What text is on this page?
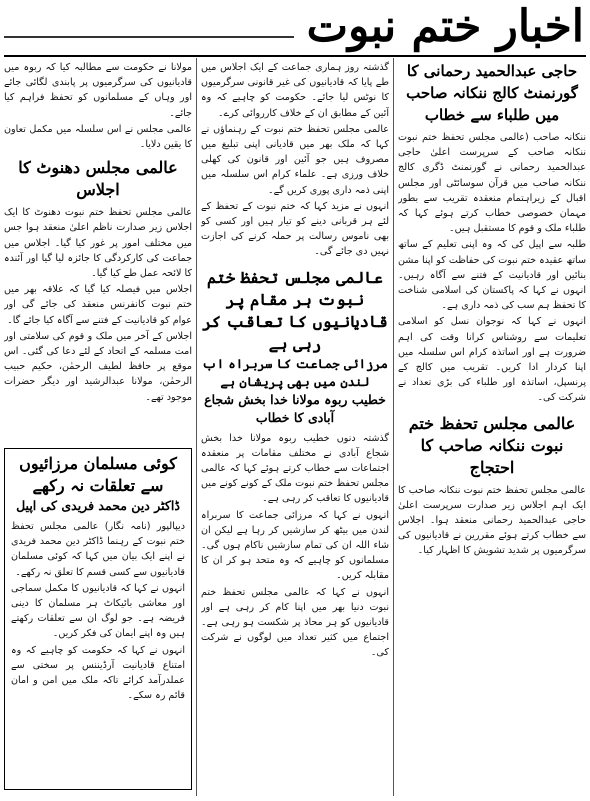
اخبار ختم نبوت
حاجی عبدالحمید رحمانی کا گورنمنٹ کالج ننکانہ صاحب میں طلباء سے خطاب

ننکانہ صاحب (عالمی مجلس تحفظ ختم نبوت ننکانہ صاحب کے سرپرست اعلیٰ حاجی عبدالحمید رحمانی نے گورنمنٹ ڈگری کالج ننکانہ صاحب میں قرآن سوسائٹی اور مجلس اقبال کے زیراہتمام منعقدہ تقریب سے بطور مہمان خصوصی خطاب کرتے ہوئے کہا کہ طلباء ملک و قوم کا مستقبل ہیں۔

طلبہ سے اپیل کی کہ وہ اپنی تعلیم کے ساتھ ساتھ عقیدہ ختم نبوت کی حفاظت کو اپنا مشن بنائیں اور قادیانیت کے فتنے سے آگاہ رہیں۔ انہوں نے کہا کہ پاکستان کی اسلامی شناخت کا تحفظ ہم سب کی ذمہ داری ہے۔

انہوں نے کہا کہ نوجوان نسل کو اسلامی تعلیمات سے روشناس کرانا وقت کی اہم ضرورت ہے اور اساتذہ کرام اس سلسلہ میں اپنا کردار ادا کریں۔ تقریب میں کالج کے پرنسپل، اساتذہ اور طلباء کی بڑی تعداد نے شرکت کی۔

عالمی مجلس تحفظ ختم نبوت ننکانہ صاحب کا احتجاج

عالمی مجلس تحفظ ختم نبوت ننکانہ صاحب کا ایک اہم اجلاس زیر صدارت سرپرست اعلیٰ حاجی عبدالحمید رحمانی منعقد ہوا۔ اجلاس سے خطاب کرتے ہوئے مقررین نے قادیانیوں کی سرگرمیوں پر شدید تشویش کا اظہار کیا۔

گذشتہ روز ہماری جماعت کے ایک اجلاس میں طے پایا کہ قادیانیوں کی غیر قانونی سرگرمیوں کا نوٹس لیا جائے۔ حکومت کو چاہیے کہ وہ آئین کے مطابق ان کے خلاف کارروائی کرے۔

عالمی مجلس تحفظ ختم نبوت کے رہنماؤں نے کہا کہ ملک بھر میں قادیانی اپنی تبلیغ میں مصروف ہیں جو آئین اور قانون کی کھلی خلاف ورزی ہے۔ علماء کرام اس سلسلہ میں اپنی ذمہ داری پوری کریں گے۔

انہوں نے مزید کہا کہ ختم نبوت کے تحفظ کے لئے ہر قربانی دینے کو تیار ہیں اور کسی کو بھی ناموس رسالت پر حملہ کرنے کی اجازت نہیں دی جائے گی۔

عالمی مجلس تحفظ ختم نبوت ہر مقام پر قادیانیوں کا تعاقب کر رہی ہے
مرزائی جماعت کا سربراہ اب لندن میں بھی پریشان ہے
خطیب ربوہ مولانا خدا بخش شجاع آبادی کا خطاب

گذشتہ دنوں خطیب ربوہ مولانا خدا بخش شجاع آبادی نے مختلف مقامات پر منعقدہ اجتماعات سے خطاب کرتے ہوئے کہا کہ عالمی مجلس تحفظ ختم نبوت ملک کے کونے کونے میں قادیانیوں کا تعاقب کر رہی ہے۔

انہوں نے کہا کہ مرزائی جماعت کا سربراہ لندن میں بیٹھ کر سازشیں کر رہا ہے لیکن ان شاء اللہ ان کی تمام سازشیں ناکام ہوں گی۔ مسلمانوں کو چاہیے کہ وہ متحد ہو کر ان کا مقابلہ کریں۔

انہوں نے کہا کہ عالمی مجلس تحفظ ختم نبوت دنیا بھر میں اپنا کام کر رہی ہے اور قادیانیوں کو ہر محاذ پر شکست ہو رہی ہے۔ اجتماع میں کثیر تعداد میں لوگوں نے شرکت کی۔

مولانا نے حکومت سے مطالبہ کیا کہ ربوہ میں قادیانیوں کی سرگرمیوں پر پابندی لگائی جائے اور وہاں کے مسلمانوں کو تحفظ فراہم کیا جائے۔

عالمی مجلس نے اس سلسلہ میں مکمل تعاون کا یقین دلایا۔

عالمی مجلس دھنوٹ کا اجلاس

عالمی مجلس تحفظ ختم نبوت دھنوٹ کا ایک اجلاس زیر صدارت ناظم اعلیٰ منعقد ہوا جس میں مختلف امور پر غور کیا گیا۔ اجلاس میں جماعت کی کارکردگی کا جائزہ لیا گیا اور آئندہ کا لائحہ عمل طے کیا گیا۔

اجلاس میں فیصلہ کیا گیا کہ علاقہ بھر میں ختم نبوت کانفرنس منعقد کی جائے گی اور عوام کو قادیانیت کے فتنے سے آگاہ کیا جائے گا۔

اجلاس کے آخر میں ملک و قوم کی سلامتی اور امت مسلمہ کے اتحاد کے لئے دعا کی گئی۔ اس موقع پر حافظ لطیف الرحمٰن، حکیم حبیب الرحمٰن، مولانا عبدالرشید اور دیگر حضرات موجود تھے۔

کوئی مسلمان مرزائیوں سے تعلقات نہ رکھے
ڈاکٹر دین محمد فریدی کی اپیل

دیپالپور (نامہ نگار) عالمی مجلس تحفظ ختم نبوت کے رہنما ڈاکٹر دین محمد فریدی نے اپنے ایک بیان میں کہا کہ کوئی مسلمان قادیانیوں سے کسی قسم کا تعلق نہ رکھے۔

انہوں نے کہا کہ قادیانیوں کا مکمل سماجی اور معاشی بائیکاٹ ہر مسلمان کا دینی فریضہ ہے۔ جو لوگ ان سے تعلقات رکھتے ہیں وہ اپنے ایمان کی فکر کریں۔

انہوں نے کہا کہ حکومت کو چاہیے کہ وہ امتناع قادیانیت آرڈیننس پر سختی سے عملدرآمد کرائے تاکہ ملک میں امن و امان قائم رہ سکے۔
